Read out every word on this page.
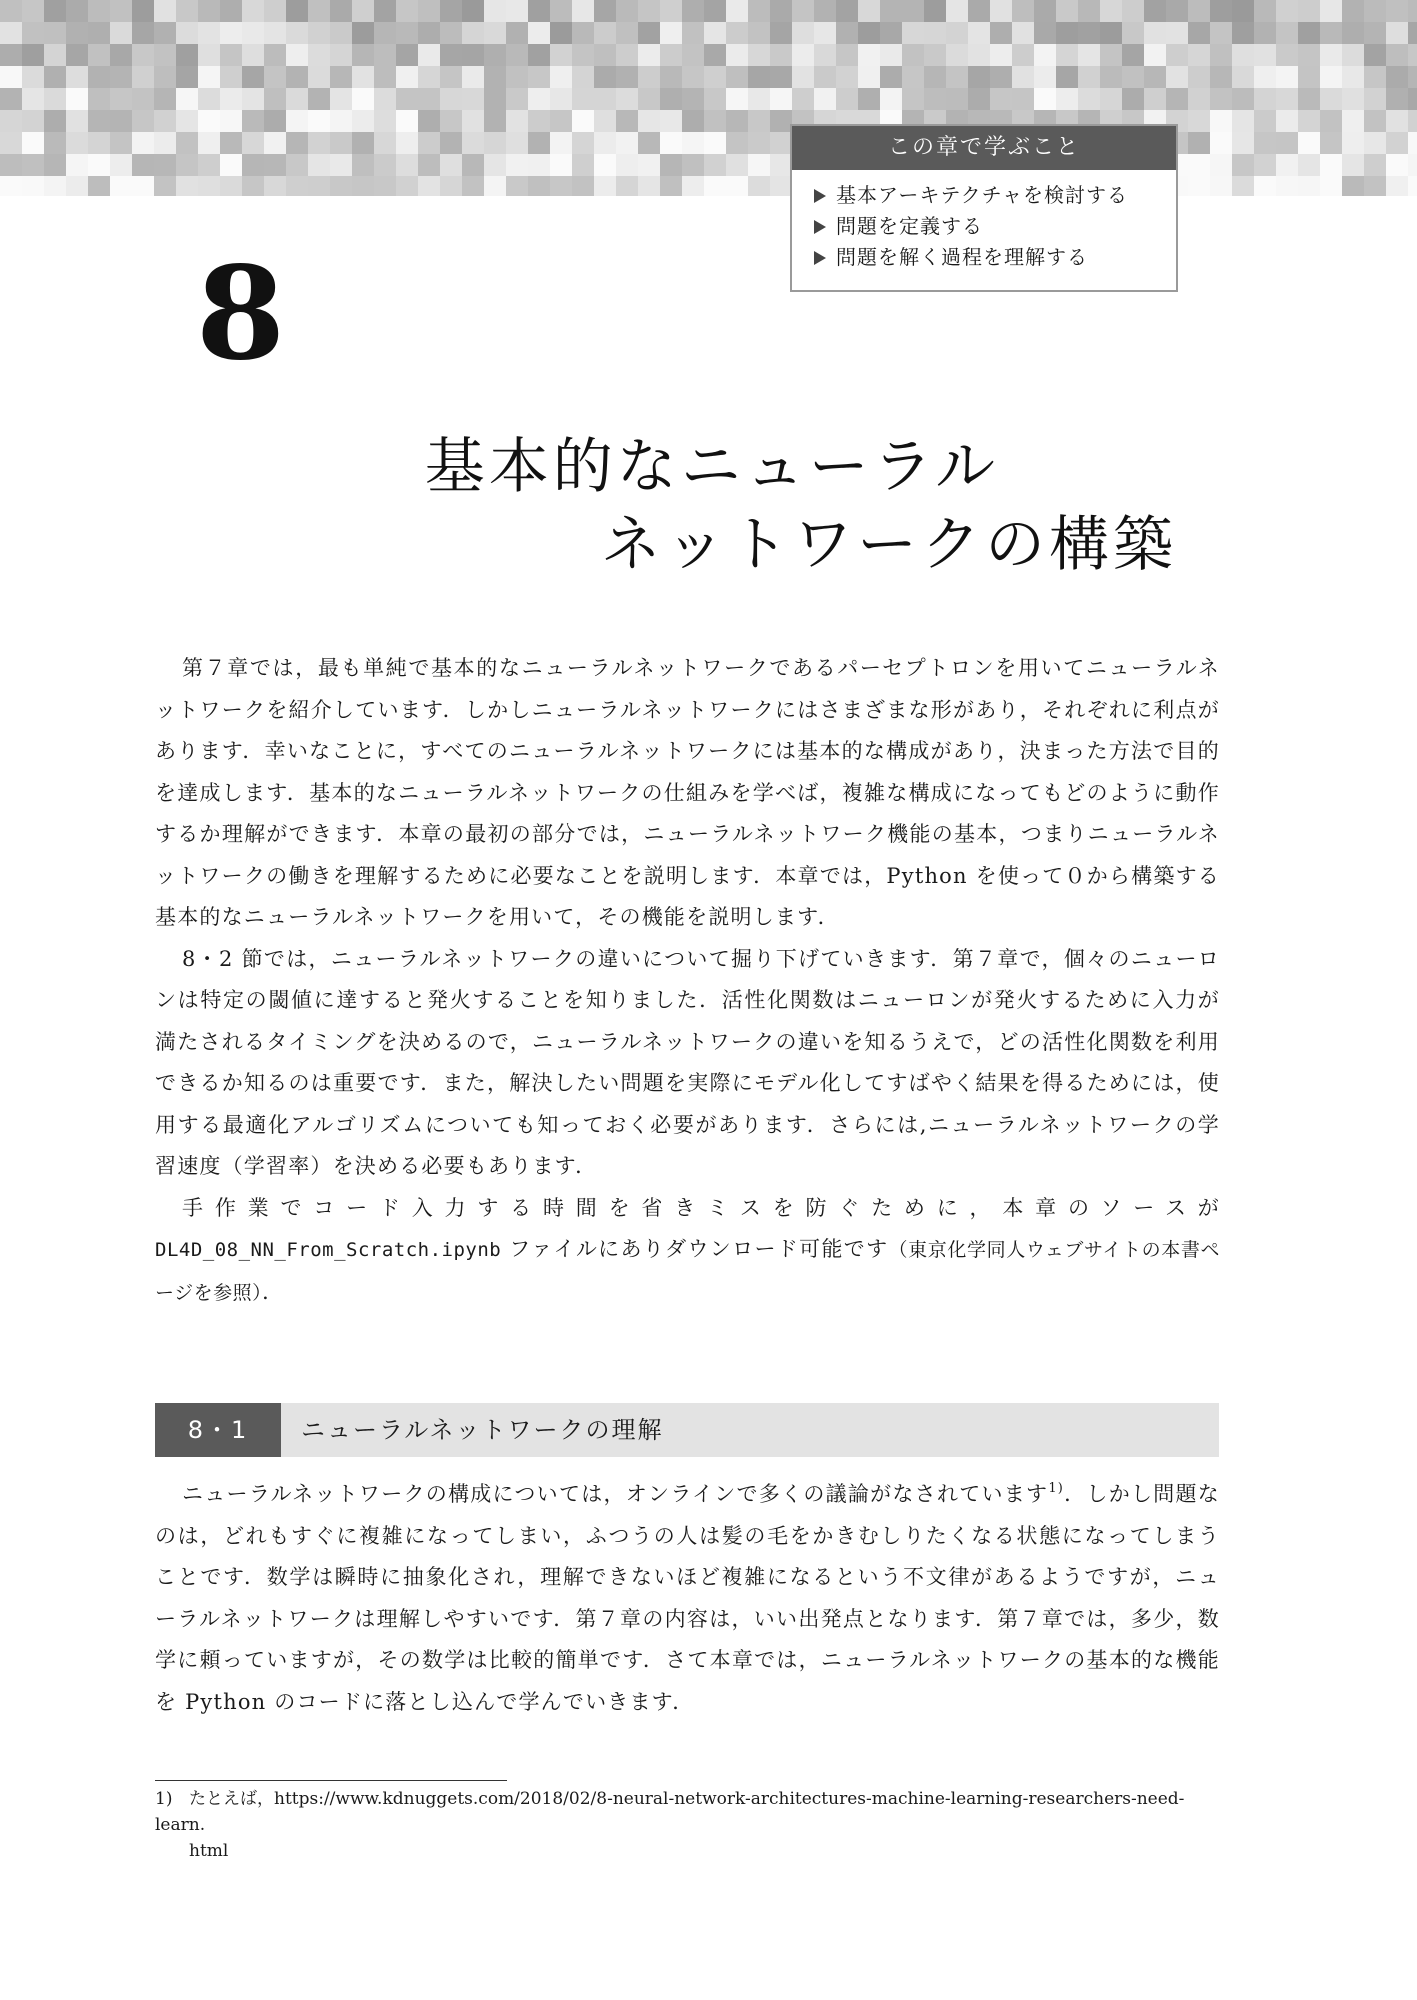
この章で学ぶこと
基本アーキテクチャを検討する
問題を定義する
問題を解く過程を理解する
8
基本的なニューラル
ネットワークの構築

第７章では，最も単純で基本的なニューラルネットワークであるパーセプトロンを用いてニューラルネットワークを紹介しています．しかしニューラルネットワークにはさまざまな形があり，それぞれに利点があります．幸いなことに，すべてのニューラルネットワークには基本的な構成があり，決まった方法で目的を達成します．基本的なニューラルネットワークの仕組みを学べば，複雑な構成になってもどのように動作するか理解ができます．本章の最初の部分では，ニューラルネットワーク機能の基本，つまりニューラルネットワークの働きを理解するために必要なことを説明します．本章では，Python を使って０から構築する基本的なニューラルネットワークを用いて，その機能を説明します．

8・2 節では，ニューラルネットワークの違いについて掘り下げていきます．第７章で，個々のニューロンは特定の閾値に達すると発火することを知りました．活性化関数はニューロンが発火するために入力が満たされるタイミングを決めるので，ニューラルネットワークの違いを知るうえで，どの活性化関数を利用できるか知るのは重要です．また，解決したい問題を実際にモデル化してすばやく結果を得るためには，使用する最適化アルゴリズムについても知っておく必要があります．さらには,ニューラルネットワークの学習速度（学習率）を決める必要もあります．

手作業でコード入力する時間を省きミスを防ぐために，本章のソースが DL4D_08_NN_From_Scratch.ipynb ファイルにありダウンロード可能です（東京化学同人ウェブサイトの本書ページを参照）．

8・1	ニューラルネットワークの理解

ニューラルネットワークの構成については，オンラインで多くの議論がなされています$^{1)}$．しかし問題なのは，どれもすぐに複雑になってしまい，ふつうの人は髪の毛をかきむしりたくなる状態になってしまうことです．数学は瞬時に抽象化され，理解できないほど複雑になるという不文律があるようですが，ニューラルネットワークは理解しやすいです．第７章の内容は，いい出発点となります．第７章では，多少，数学に頼っていますが，その数学は比較的簡単です．さて本章では，ニューラルネットワークの基本的な機能を Python のコードに落とし込んで学んでいきます．

1) たとえば，https://www.kdnuggets.com/2018/02/8-neural-network-architectures-machine-learning-researchers-need-learn.
html
